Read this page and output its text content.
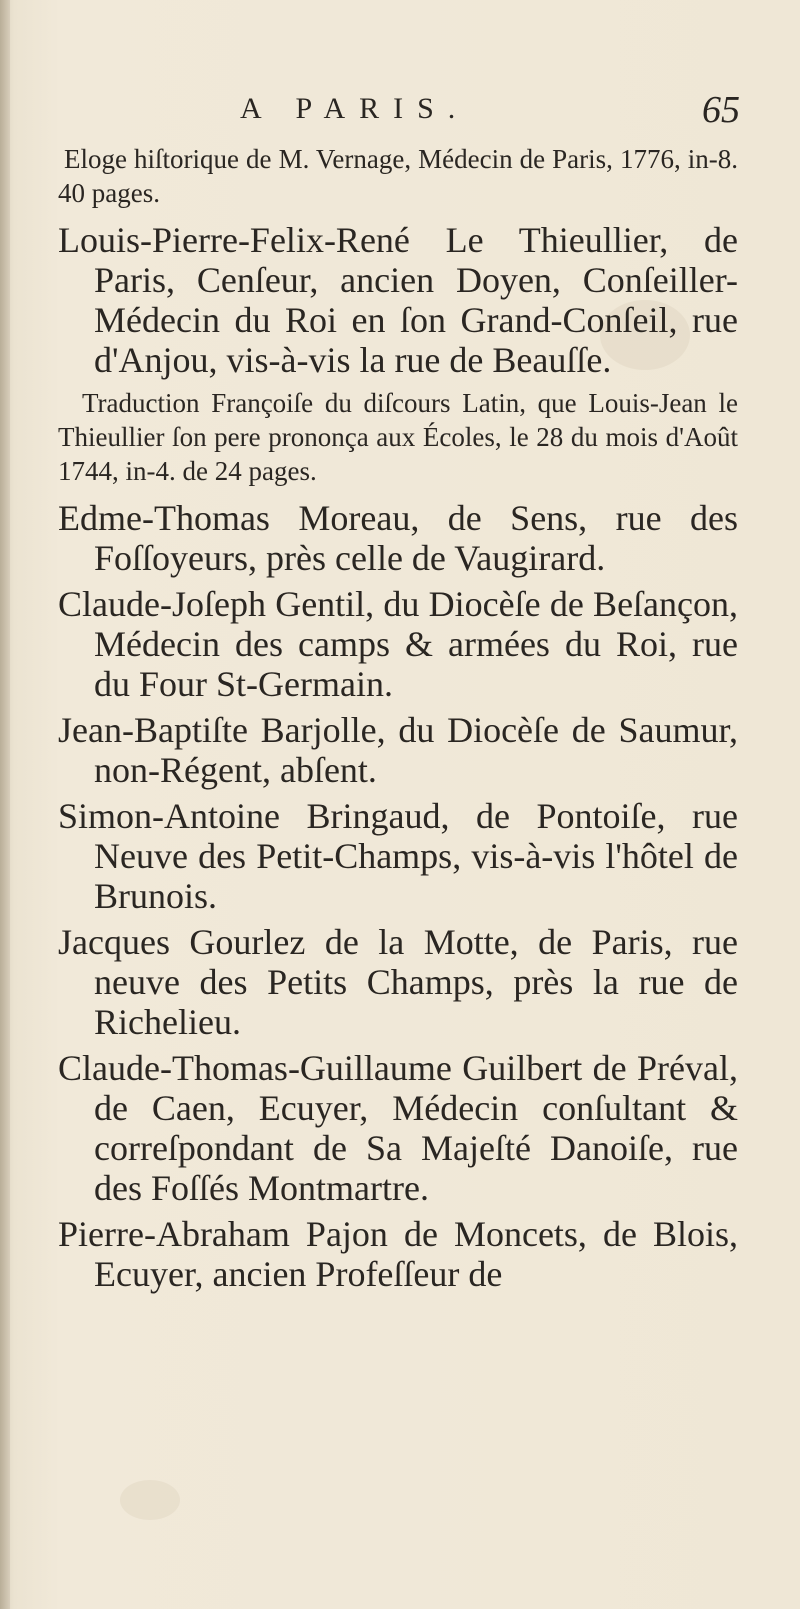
A PARIS.	65

Eloge hiſtorique de M. Vernage, Médecin de Paris, 1776, in-8. 40 pages.

Louis-Pierre-Felix-René Le Thieullier, de Paris, Cenſeur, ancien Doyen, Conſeiller-Médecin du Roi en ſon Grand-Conſeil, rue d'Anjou, vis-à-vis la rue de Beauſſe.

Traduction Françoiſe du diſcours Latin, que Louis-Jean le Thieullier ſon pere prononça aux Écoles, le 28 du mois d'Août 1744, in-4. de 24 pages.

Edme-Thomas Moreau, de Sens, rue des Foſſoyeurs, près celle de Vaugirard.

Claude-Joſeph Gentil, du Diocèſe de Beſançon, Médecin des camps & armées du Roi, rue du Four St-Germain.

Jean-Baptiſte Barjolle, du Diocèſe de Saumur, non-Régent, abſent.

Simon-Antoine Bringaud, de Pontoiſe, rue Neuve des Petit-Champs, vis-à-vis l'hôtel de Brunois.

Jacques Gourlez de la Motte, de Paris, rue neuve des Petits Champs, près la rue de Richelieu.

Claude-Thomas-Guillaume Guilbert de Préval, de Caen, Ecuyer, Médecin conſultant & correſpondant de Sa Majeſté Danoiſe, rue des Foſſés Montmartre.

Pierre-Abraham Pajon de Moncets, de Blois, Ecuyer, ancien Profeſſeur de
